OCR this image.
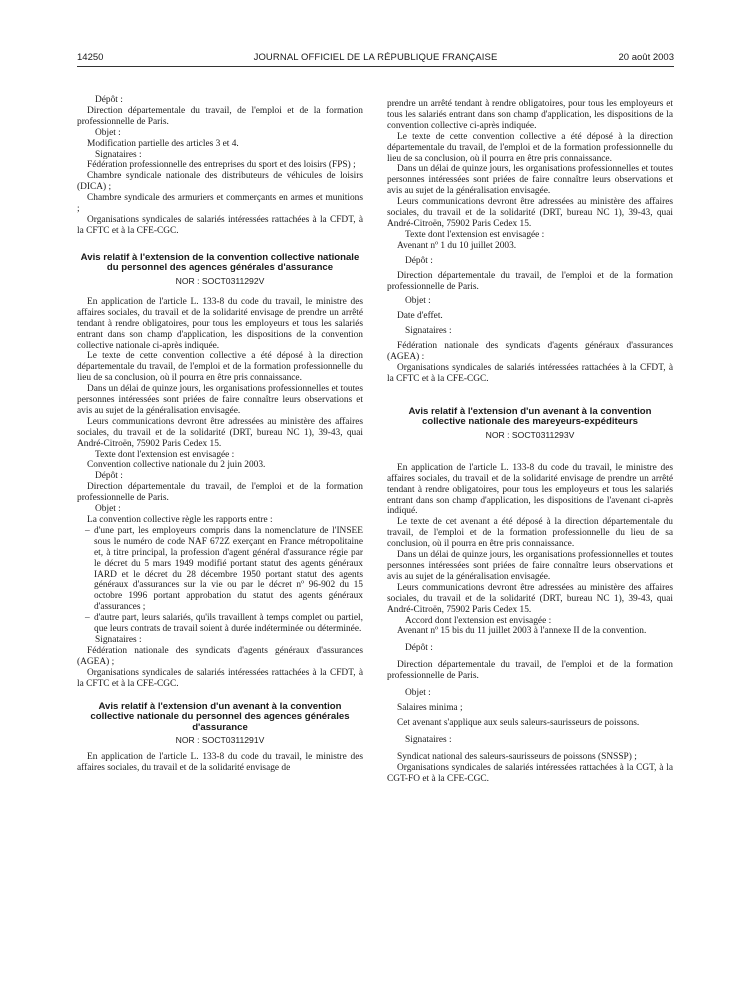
14250	JOURNAL OFFICIEL DE LA RÉPUBLIQUE FRANÇAISE	20 août 2003

Dépôt :

Direction départementale du travail, de l'emploi et de la formation professionnelle de Paris.

Objet :

Modification partielle des articles 3 et 4.

Signataires :

Fédération professionnelle des entreprises du sport et des loisirs (FPS) ;

Chambre syndicale nationale des distributeurs de véhicules de loisirs (DICA) ;

Chambre syndicale des armuriers et commerçants en armes et munitions ;

Organisations syndicales de salariés intéressées rattachées à la CFDT, à la CFTC et à la CFE-CGC.

Avis relatif à l'extension de la convention collective nationale du personnel des agences générales d'assurance

NOR : SOCT0311292V

En application de l'article L. 133-8 du code du travail, le ministre des affaires sociales, du travail et de la solidarité envisage de prendre un arrêté tendant à rendre obligatoires, pour tous les employeurs et tous les salariés entrant dans son champ d'application, les dispositions de la convention collective nationale ci-après indiquée.

Le texte de cette convention collective a été déposé à la direction départementale du travail, de l'emploi et de la formation professionnelle du lieu de sa conclusion, où il pourra en être pris connaissance.

Dans un délai de quinze jours, les organisations professionnelles et toutes personnes intéressées sont priées de faire connaître leurs observations et avis au sujet de la généralisation envisagée.

Leurs communications devront être adressées au ministère des affaires sociales, du travail et de la solidarité (DRT, bureau NC 1), 39-43, quai André-Citroën, 75902 Paris Cedex 15.

Texte dont l'extension est envisagée :

Convention collective nationale du 2 juin 2003.

Dépôt :

Direction départementale du travail, de l'emploi et de la formation professionnelle de Paris.

Objet :

La convention collective règle les rapports entre :

– d'une part, les employeurs compris dans la nomenclature de l'INSEE sous le numéro de code NAF 672Z exerçant en France métropolitaine et, à titre principal, la profession d'agent général d'assurance régie par le décret du 5 mars 1949 modifié portant statut des agents généraux IARD et le décret du 28 décembre 1950 portant statut des agents généraux d'assurances sur la vie ou par le décret nº 96-902 du 15 octobre 1996 portant approbation du statut des agents généraux d'assurances ;
– d'autre part, leurs salariés, qu'ils travaillent à temps complet ou partiel, que leurs contrats de travail soient à durée indéterminée ou déterminée.

Signataires :

Fédération nationale des syndicats d'agents généraux d'assurances (AGEA) ;

Organisations syndicales de salariés intéressées rattachées à la CFDT, à la CFTC et à la CFE-CGC.

Avis relatif à l'extension d'un avenant à la convention collective nationale du personnel des agences générales d'assurance

NOR : SOCT0311291V

En application de l'article L. 133-8 du code du travail, le ministre des affaires sociales, du travail et de la solidarité envisage de

prendre un arrêté tendant à rendre obligatoires, pour tous les employeurs et tous les salariés entrant dans son champ d'application, les dispositions de la convention collective ci-après indiquée.

Le texte de cette convention collective a été déposé à la direction départementale du travail, de l'emploi et de la formation professionnelle du lieu de sa conclusion, où il pourra en être pris connaissance.

Dans un délai de quinze jours, les organisations professionnelles et toutes personnes intéressées sont priées de faire connaître leurs observations et avis au sujet de la généralisation envisagée.

Leurs communications devront être adressées au ministère des affaires sociales, du travail et de la solidarité (DRT, bureau NC 1), 39-43, quai André-Citroën, 75902 Paris Cedex 15.

Texte dont l'extension est envisagée :

Avenant nº 1 du 10 juillet 2003.

Dépôt :

Direction départementale du travail, de l'emploi et de la formation professionnelle de Paris.

Objet :

Date d'effet.

Signataires :

Fédération nationale des syndicats d'agents généraux d'assurances (AGEA) :

Organisations syndicales de salariés intéressées rattachées à la CFDT, à la CFTC et à la CFE-CGC.

Avis relatif à l'extension d'un avenant à la convention collective nationale des mareyeurs-expéditeurs

NOR : SOCT0311293V

En application de l'article L. 133-8 du code du travail, le ministre des affaires sociales, du travail et de la solidarité envisage de prendre un arrêté tendant à rendre obligatoires, pour tous les employeurs et tous les salariés entrant dans son champ d'application, les dispositions de l'avenant ci-après indiqué.

Le texte de cet avenant a été déposé à la direction départementale du travail, de l'emploi et de la formation professionnelle du lieu de sa conclusion, où il pourra en être pris connaissance.

Dans un délai de quinze jours, les organisations professionnelles et toutes personnes intéressées sont priées de faire connaître leurs observations et avis au sujet de la généralisation envisagée.

Leurs communications devront être adressées au ministère des affaires sociales, du travail et de la solidarité (DRT, bureau NC 1), 39-43, quai André-Citroën, 75902 Paris Cedex 15.

Accord dont l'extension est envisagée :

Avenant nº 15 bis du 11 juillet 2003 à l'annexe II de la convention.

Dépôt :

Direction départementale du travail, de l'emploi et de la formation professionnelle de Paris.

Objet :

Salaires minima ;

Cet avenant s'applique aux seuls saleurs-saurisseurs de poissons.

Signataires :

Syndicat national des saleurs-saurisseurs de poissons (SNSSP) ;

Organisations syndicales de salariés intéressées rattachées à la CGT, à la CGT-FO et à la CFE-CGC.
